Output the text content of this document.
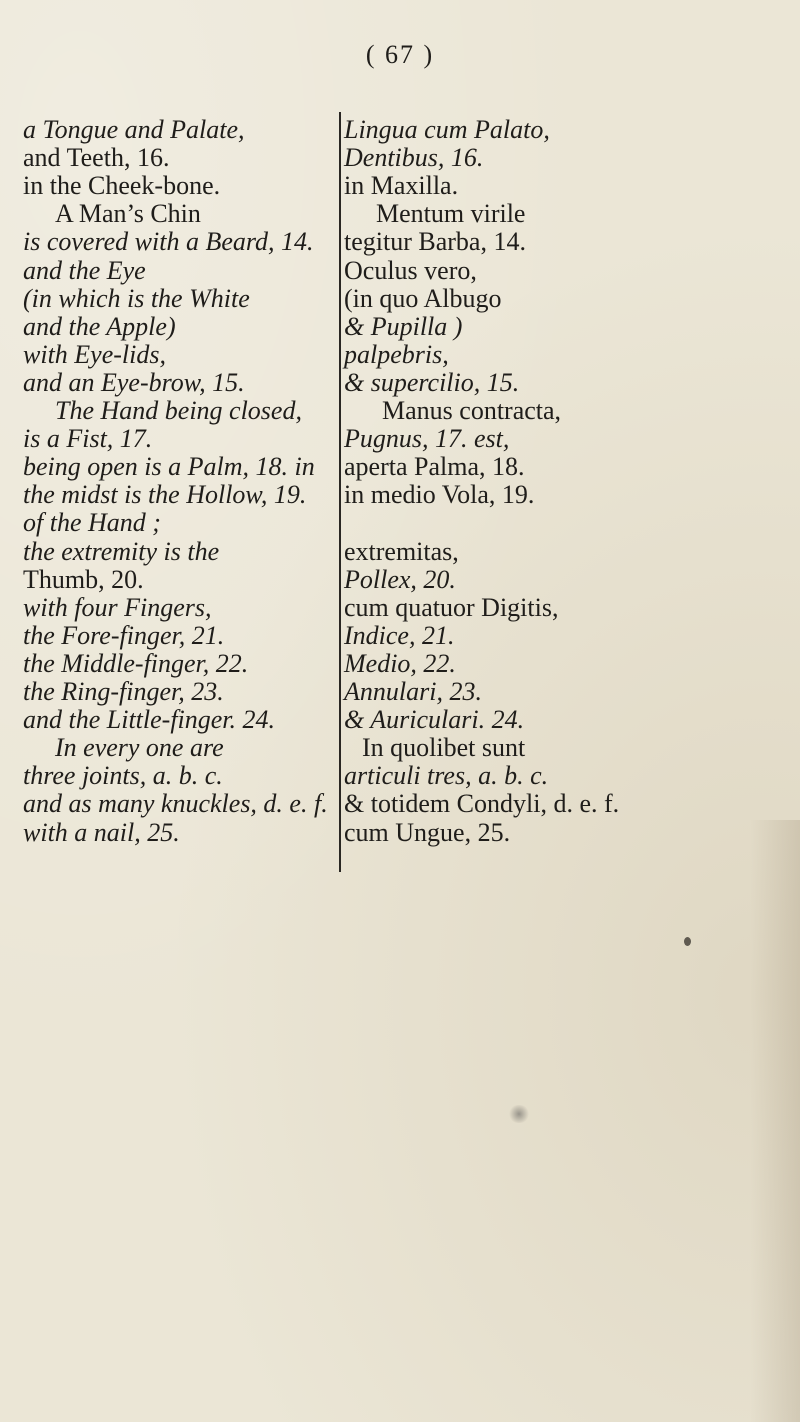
( 67 )
a Tongue and Palate,
and Teeth, 16.
in the Cheek-bone.
A Man’s Chin
is covered with a Beard, 14.
and the Eye
(in which is the White
and the Apple)
with Eye-lids,
and an Eye-brow, 15.
The Hand being closed,
is a Fist, 17.
being open is a Palm, 18. in
the midst is the Hollow, 19.
of the Hand ;
the extremity is the
Thumb, 20.
with four Fingers,
the Fore-finger, 21.
the Middle-finger, 22.
the Ring-finger, 23.
and the Little-finger. 24.
In every one are
three joints, a. b. c.
and as many knuckles, d. e. f.
with a nail, 25.
Lingua cum Palato,
Dentibus, 16.
in Maxilla.
Mentum virile
tegitur Barba, 14.
Oculus vero,
(in quo Albugo
& Pupilla )
palpebris,
& supercilio, 15.
Manus contracta,
Pugnus, 17. est,
aperta Palma, 18.
in medio Vola, 19.
extremitas,
Pollex, 20.
cum quatuor Digitis,
Indice, 21.
Medio, 22.
Annulari, 23.
& Auriculari. 24.
In quolibet sunt
articuli tres, a. b. c.
& totidem Condyli, d. e. f.
cum Ungue, 25.
